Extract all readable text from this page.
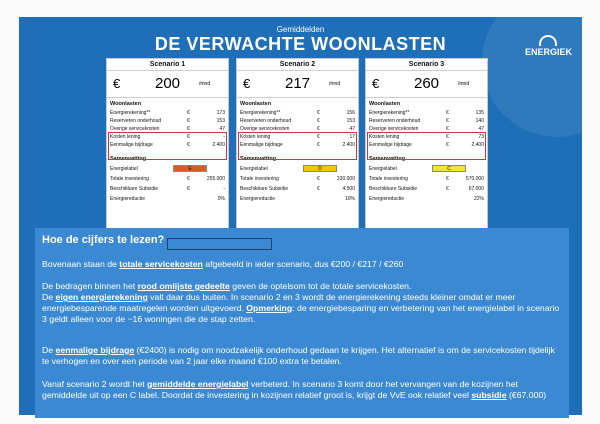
Gemiddelden
DE VERWACHTE WOONLASTEN	ENERGIEK
Scenario 1
€ 200	/mnd
Woonlasten
Energierekening**	€	173
Reserveren onderhoud	€	153
Overige servicekosten	€	47
Kosten lening	€	-
Eenmalige bijdrage	€	2.400
Samenvatting
Energielabel	E
Totale investering	€	255.000
Beschikbare Subsidie	€	-
Energiereductie	0%
Scenario 2
€ 217	/mnd
Woonlasten
Energierekening**	€	156
Reserveren onderhoud	€	153
Overige servicekosten	€	47
Kosten lening	€	17
Eenmalige bijdrage	€	2.400
Samenvatting
Energielabel	D
Totale investering	€	330.000
Beschikbare Subsidie	€	4.500
Energiereductie	10%
Scenario 3
€ 260	/mnd
Woonlasten
Energierekening**	€	135
Reserveren onderhoud	€	140
Overige servicekosten	€	47
Kosten lening	€	73
Eenmalige bijdrage	€	2.400
Samenvatting
Energielabel	C
Totale investering	€	570.000
Beschikbare Subsidie	€	67.000
Energiereductie	22%
Hoe de cijfers te lezen?
Bovenaan staan de totale servicekosten afgebeeld in ieder scenario, dus €200 / €217 / €260
De bedragen binnen het rood omlijste gedeelte geven de optelsom tot de totale servicekosten.
De eigen energierekening valt daar dus buiten. In scenario 2 en 3 wordt de energierekening steeds kleiner omdat er meer energiebesparende maatregelen worden uitgevoerd. Opmerking: de energiebesparing en verbetering van het energielabel in scenario 3 geldt alleen voor de ~16 woningen die de stap zetten.
De eenmalige bijdrage (€2400) is nodig om noodzakelijk onderhoud gedaan te krijgen. Het alternatief is om de servicekosten tijdelijk te verhogen en over een periode van 2 jaar elke maand €100 extra te betalen.
Vanaf scenario 2 wordt het gemiddelde energielabel verbeterd. In scenario 3 komt door het vervangen van de kozijnen het gemiddelde uit op een C label. Doordat de investering in kozijnen relatief groot is, krijgt de VvE ook relatief veel subsidie (€67.000)
